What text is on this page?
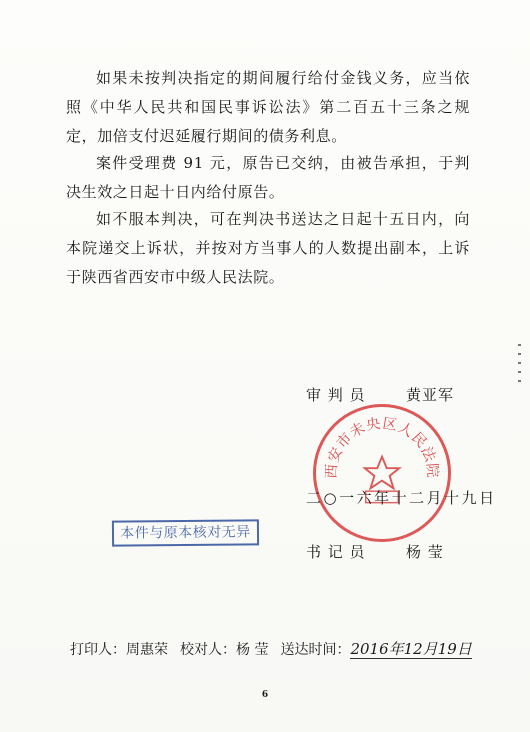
如果未按判决指定的期间履行给付金钱义务，应当依照《中华人民共和国民事诉讼法》第二百五十三条之规定，加倍支付迟延履行期间的债务利息。

案件受理费 91 元，原告已交纳，由被告承担，于判决生效之日起十日内给付原告。

如不服本判决，可在判决书送达之日起十五日内，向本院递交上诉状，并按对方当事人的人数提出副本，上诉于陕西省西安市中级人民法院。

审 判 员	黄亚军
西安市未央区人民法院
二○一六年十二月十九日
本件与原本核对无异
书 记 员	杨 莹
打印人：周惠荣 校对人：杨 莹 送达时间：2016年12月19日
6
